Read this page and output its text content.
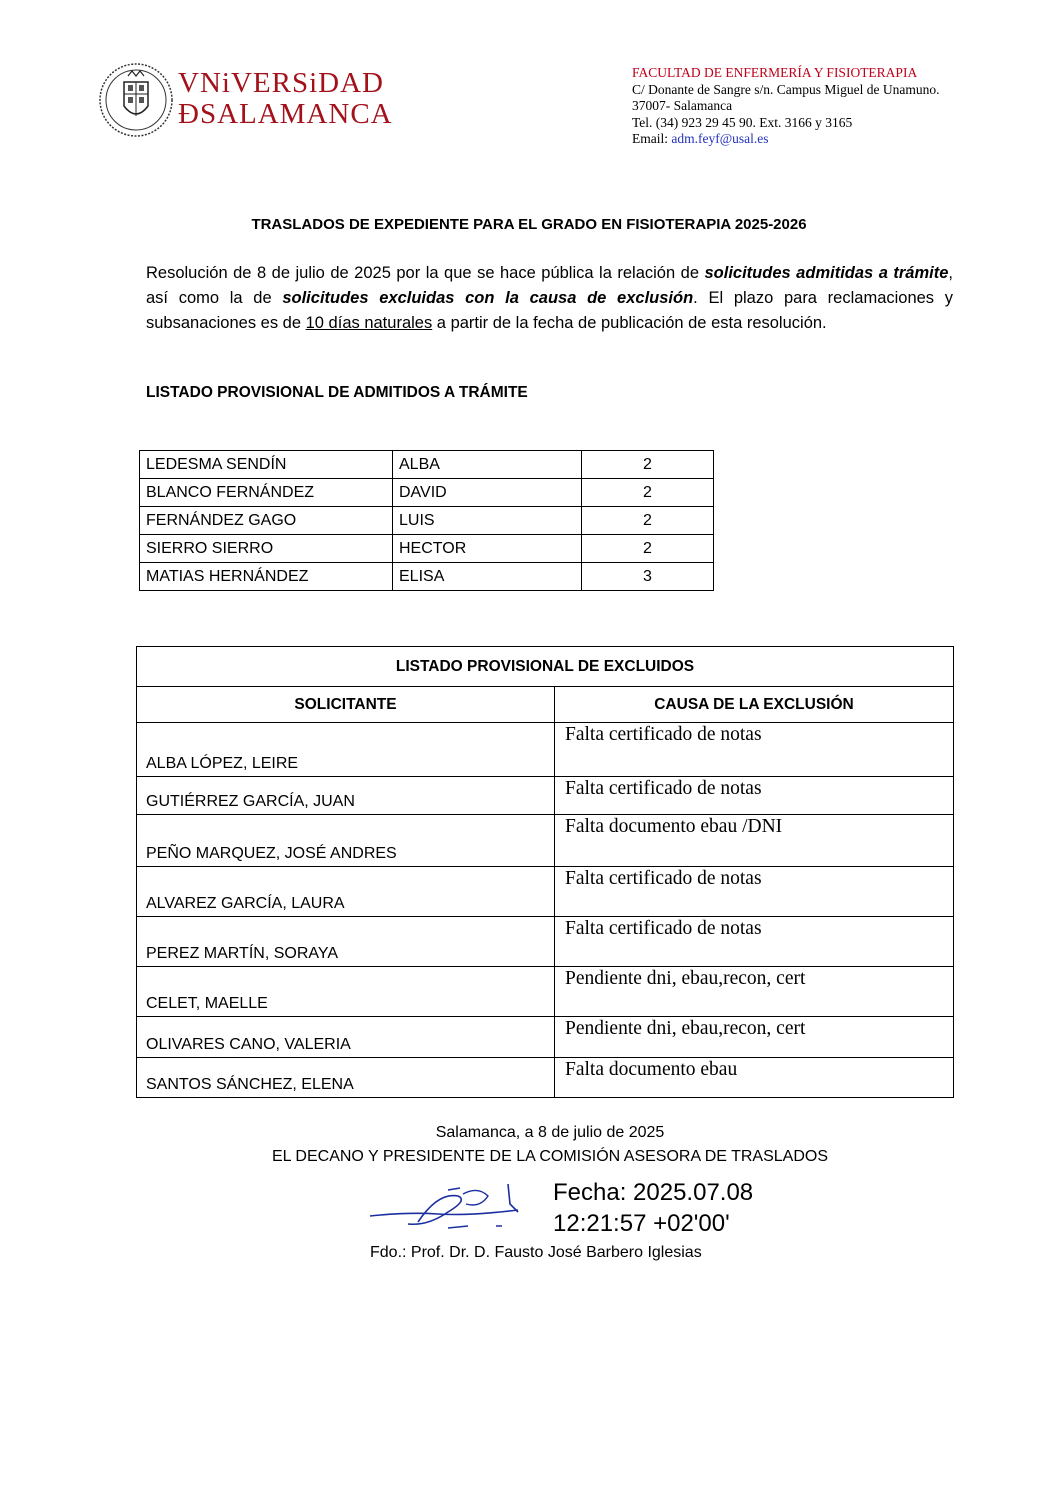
VNiVERSiDAD
ÐSALAMANCA
FACULTAD DE ENFERMERÍA Y FISIOTERAPIA
C/ Donante de Sangre s/n. Campus Miguel de Unamuno.
37007- Salamanca
Tel. (34) 923 29 45 90. Ext. 3166 y 3165
Email: adm.feyf@usal.es
TRASLADOS DE EXPEDIENTE PARA EL GRADO EN FISIOTERAPIA 2025-2026
Resolución de 8 de julio de 2025 por la que se hace pública la relación de solicitudes admitidas a trámite, así como la de solicitudes excluidas con la causa de exclusión. El plazo para reclamaciones y subsanaciones es de 10 días naturales a partir de la fecha de publicación de esta resolución.
LISTADO PROVISIONAL DE ADMITIDOS A TRÁMITE
LEDESMA SENDÍN	ALBA	2
BLANCO FERNÁNDEZ	DAVID	2
FERNÁNDEZ GAGO	LUIS	2
SIERRO SIERRO	HECTOR	2
MATIAS HERNÁNDEZ	ELISA	3
LISTADO PROVISIONAL DE EXCLUIDOS	
SOLICITANTE	CAUSA DE LA EXCLUSIÓN
ALBA LÓPEZ, LEIRE	Falta certificado de notas
GUTIÉRREZ GARCÍA, JUAN	Falta certificado de notas
PEÑO MARQUEZ, JOSÉ ANDRES	Falta documento ebau /DNI
ALVAREZ GARCÍA, LAURA	Falta certificado de notas
PEREZ MARTÍN, SORAYA	Falta certificado de notas
CELET, MAELLE	Pendiente dni, ebau,recon, cert
OLIVARES CANO, VALERIA	Pendiente dni, ebau,recon, cert
SANTOS SÁNCHEZ, ELENA	Falta documento ebau
Salamanca, a 8 de julio de 2025
EL DECANO Y PRESIDENTE DE LA COMISIÓN ASESORA DE TRASLADOS
Fecha: 2025.07.08
12:21:57 +02'00'
Fdo.: Prof. Dr. D. Fausto José Barbero Iglesias
